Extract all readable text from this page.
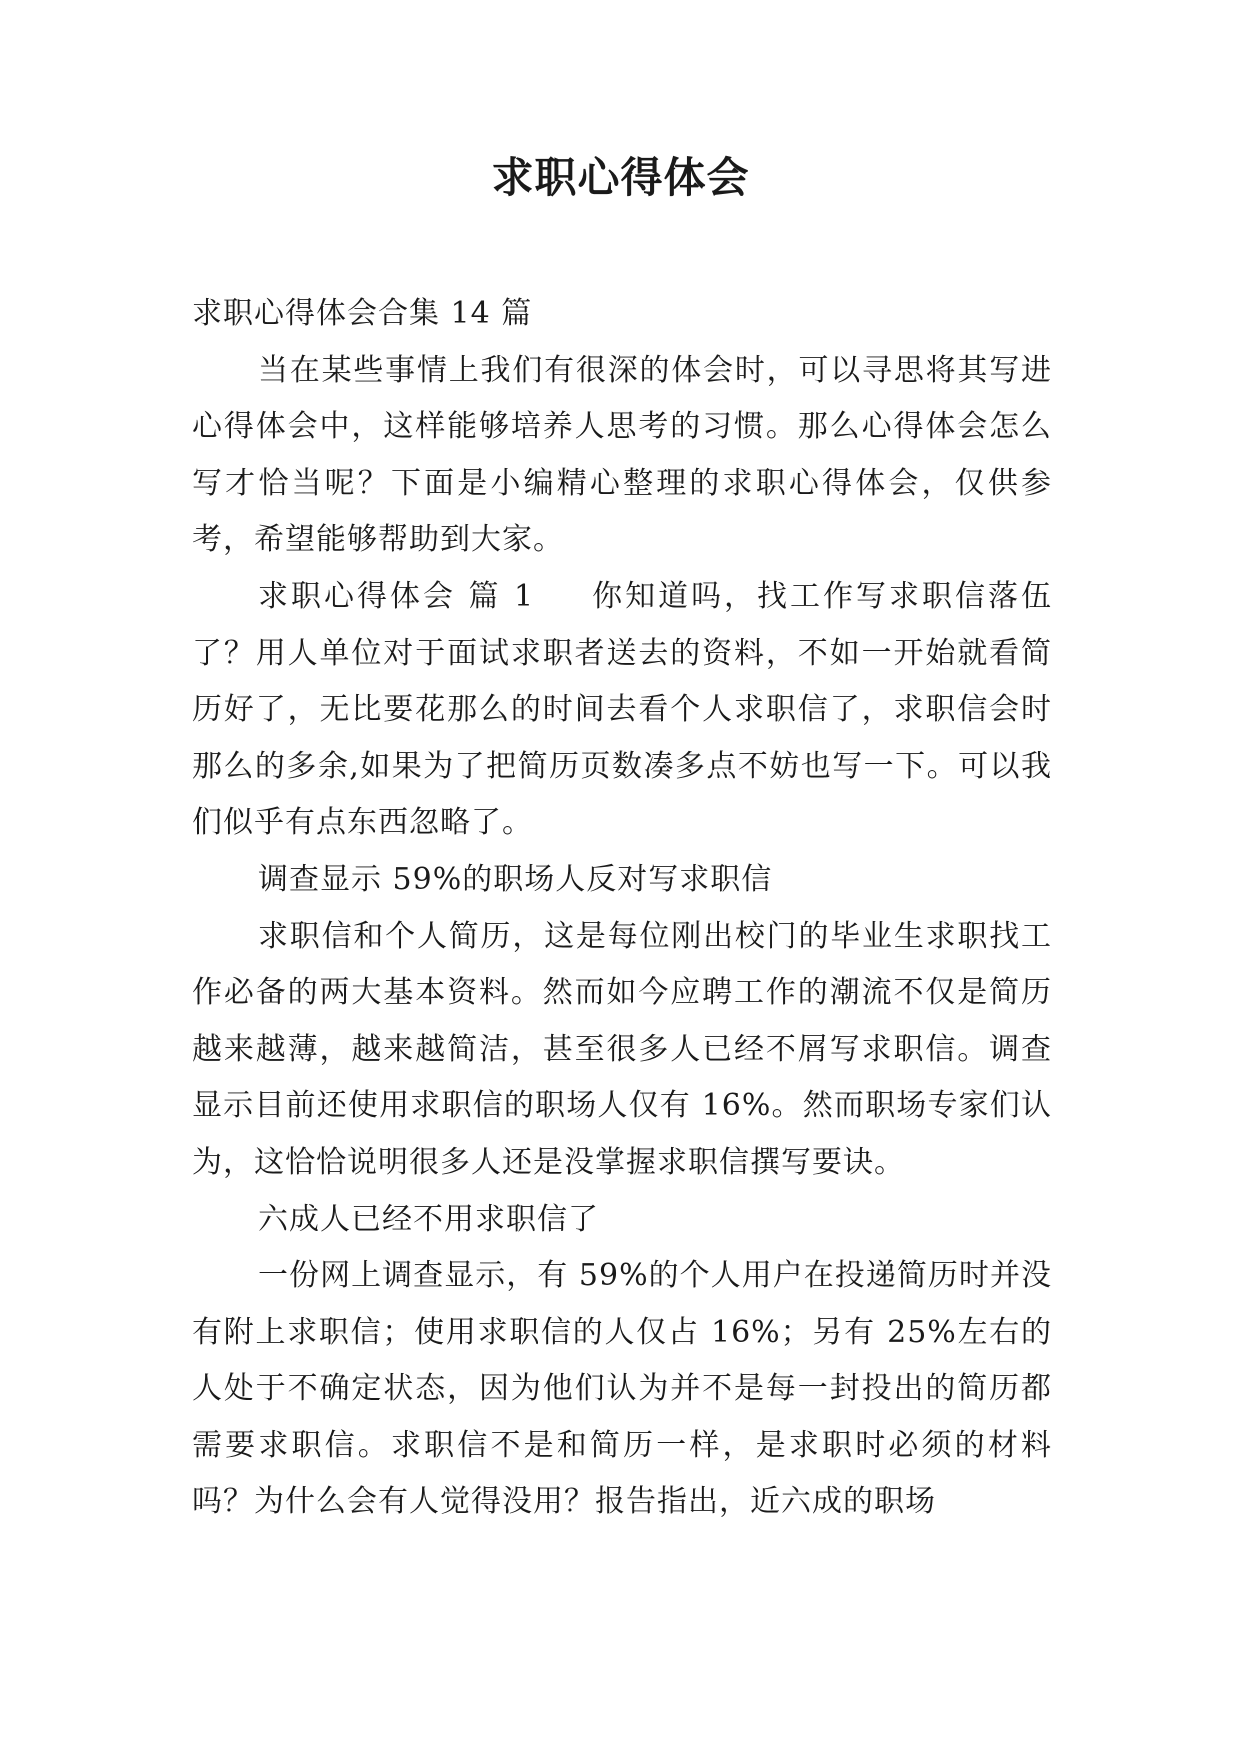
求职心得体会

求职心得体会合集 14 篇

当在某些事情上我们有很深的体会时，可以寻思将其写进心得体会中，这样能够培养人思考的习惯。那么心得体会怎么写才恰当呢？下面是小编精心整理的求职心得体会，仅供参考，希望能够帮助到大家。

求职心得体会 篇 1 你知道吗，找工作写求职信落伍了？用人单位对于面试求职者送去的资料，不如一开始就看简历好了，无比要花那么的时间去看个人求职信了，求职信会时那么的多余,如果为了把简历页数凑多点不妨也写一下。可以我们似乎有点东西忽略了。

调查显示 59%的职场人反对写求职信

求职信和个人简历，这是每位刚出校门的毕业生求职找工作必备的两大基本资料。然而如今应聘工作的潮流不仅是简历越来越薄，越来越简洁，甚至很多人已经不屑写求职信。调查显示目前还使用求职信的职场人仅有 16%。然而职场专家们认为，这恰恰说明很多人还是没掌握求职信撰写要诀。

六成人已经不用求职信了

一份网上调查显示，有 59%的个人用户在投递简历时并没有附上求职信；使用求职信的人仅占 16%；另有 25%左右的人处于不确定状态，因为他们认为并不是每一封投出的简历都需要求职信。求职信不是和简历一样，是求职时必须的材料吗？为什么会有人觉得没用？报告指出，近六成的职场
